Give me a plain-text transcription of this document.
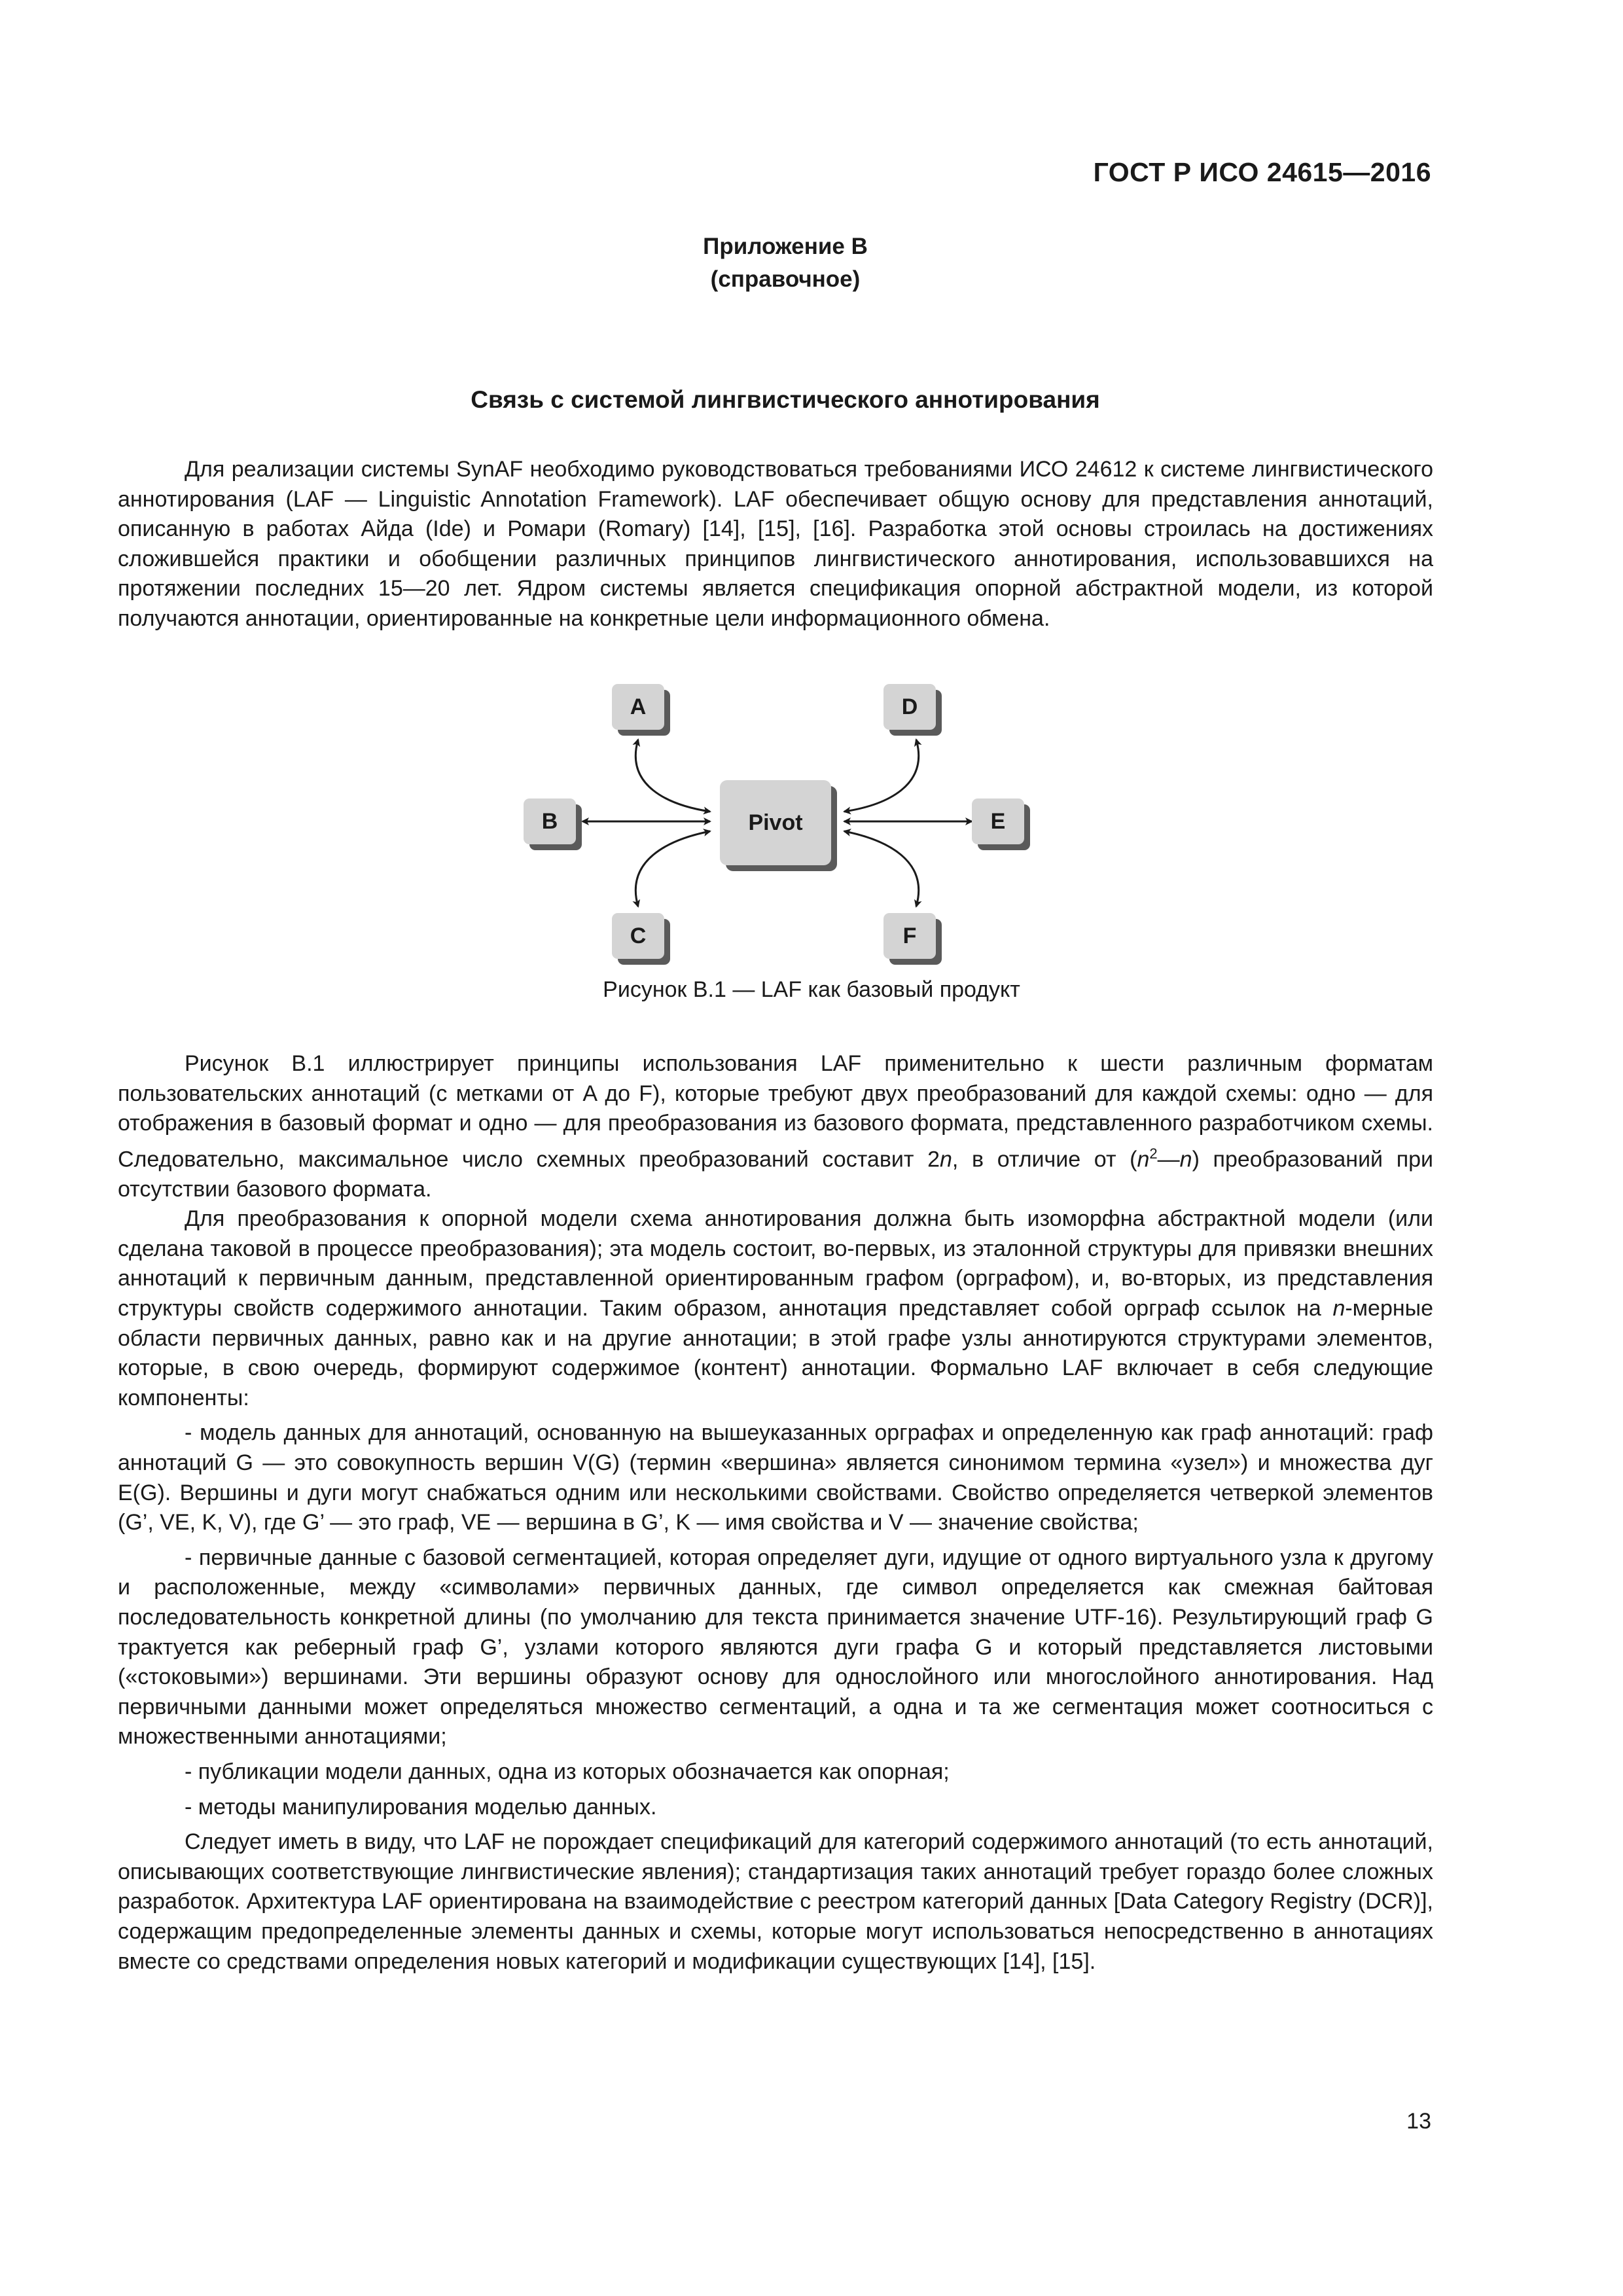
ГОСТ Р ИСО 24615—2016
Приложение В
(справочное)
Связь с системой лингвистического аннотирования

Для реализации системы SynAF необходимо руководствоваться требованиями ИСО 24612 к системе лингвистического аннотирования (LAF — Linguistic Annotation Framework). LAF обеспечивает общую основу для представления аннотаций, описанную в работах Айда (Ide) и Ромари (Romary) [14], [15], [16]. Разработка этой основы строилась на достижениях сложившейся практики и обобщении различных принципов лингвистического аннотирования, использовавшихся на протяжении последних 15—20 лет. Ядром системы является спецификация опорной абстрактной модели, из которой получаются аннотации, ориентированные на конкретные цели информационного обмена.

A
B
C
D
E
F
Pivot
Рисунок В.1 — LAF как базовый продукт

Рисунок В.1 иллюстрирует принципы использования LAF применительно к шести различным форматам пользовательских аннотаций (с метками от A до F), которые требуют двух преобразований для каждой схемы: одно — для отображения в базовый формат и одно — для преобразования из базового формата, представленного разработчиком схемы. Следовательно, максимальное число схемных преобразований составит 2n, в отличие от $(n^2—n)$ преобразований при отсутствии базового формата.

Для преобразования к опорной модели схема аннотирования должна быть изоморфна абстрактной модели (или сделана таковой в процессе преобразования); эта модель состоит, во-первых, из эталонной структуры для привязки внешних аннотаций к первичным данным, представленной ориентированным графом (орграфом), и, во-вторых, из представления структуры свойств содержимого аннотации. Таким образом, аннотация представляет собой орграф ссылок на n-мерные области первичных данных, равно как и на другие аннотации; в этой графе узлы аннотируются структурами элементов, которые, в свою очередь, формируют содержимое (контент) аннотации. Формально LAF включает в себя следующие компоненты:

- модель данных для аннотаций, основанную на вышеуказанных орграфах и определенную как граф аннотаций: граф аннотаций G — это совокупность вершин V(G) (термин «вершина» является синонимом термина «узел») и множества дуг E(G). Вершины и дуги могут снабжаться одним или несколькими свойствами. Свойство определяется четверкой элементов (G’, VE, K, V), где G’ — это граф, VE — вершина в G’, K — имя свойства и V — значение свойства;

- первичные данные с базовой сегментацией, которая определяет дуги, идущие от одного виртуального узла к другому и расположенные, между «символами» первичных данных, где символ определяется как смежная байтовая последовательность конкретной длины (по умолчанию для текста принимается значение UTF-16). Результирующий граф G трактуется как реберный граф G’, узлами которого являются дуги графа G и который представляется листовыми («стоковыми») вершинами. Эти вершины образуют основу для однослойного или многослойного аннотирования. Над первичными данными может определяться множество сегментаций, а одна и та же сегментация может соотноситься с множественными аннотациями;

- публикации модели данных, одна из которых обозначается как опорная;

- методы манипулирования моделью данных.

Следует иметь в виду, что LAF не порождает спецификаций для категорий содержимого аннотаций (то есть аннотаций, описывающих соответствующие лингвистические явления); стандартизация таких аннотаций требует гораздо более сложных разработок. Архитектура LAF ориентирована на взаимодействие с реестром категорий данных [Data Category Registry (DCR)], содержащим предопределенные элементы данных и схемы, которые могут использоваться непосредственно в аннотациях вместе со средствами определения новых категорий и модификации существующих [14], [15].

13
